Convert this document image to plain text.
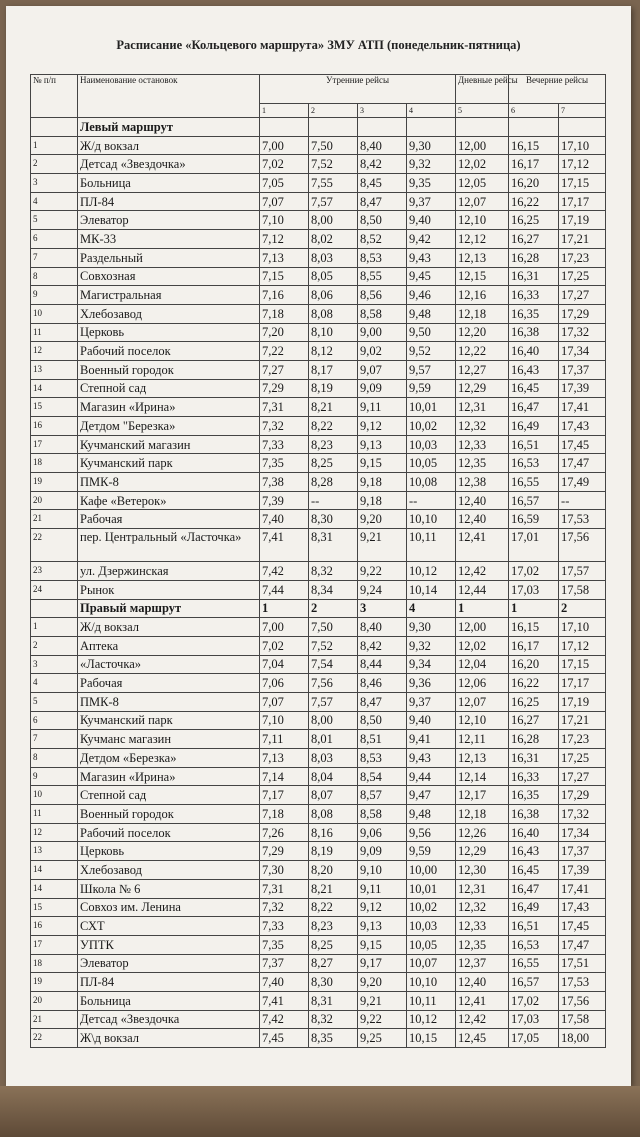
Расписание «Кольцевого маршрута» ЗМУ АТП (понедельник-пятница)
№ п/п	Наименование остановок	Утренние рейсы				Дневные рейсы	Вечерние рейсы	
		1	2	3	4	5	6	7
	Левый маршрут							
1	Ж/д вокзал	7,00	7,50	8,40	9,30	12,00	16,15	17,10
2	Детсад «Звездочка»	7,02	7,52	8,42	9,32	12,02	16,17	17,12
3	Больница	7,05	7,55	8,45	9,35	12,05	16,20	17,15
4	ПЛ-84	7,07	7,57	8,47	9,37	12,07	16,22	17,17
5	Элеватор	7,10	8,00	8,50	9,40	12,10	16,25	17,19
6	МК-33	7,12	8,02	8,52	9,42	12,12	16,27	17,21
7	Раздельный	7,13	8,03	8,53	9,43	12,13	16,28	17,23
8	Совхозная	7,15	8,05	8,55	9,45	12,15	16,31	17,25
9	Магистральная	7,16	8,06	8,56	9,46	12,16	16,33	17,27
10	Хлебозавод	7,18	8,08	8,58	9,48	12,18	16,35	17,29
11	Церковь	7,20	8,10	9,00	9,50	12,20	16,38	17,32
12	Рабочий поселок	7,22	8,12	9,02	9,52	12,22	16,40	17,34
13	Военный городок	7,27	8,17	9,07	9,57	12,27	16,43	17,37
14	Степной сад	7,29	8,19	9,09	9,59	12,29	16,45	17,39
15	Магазин «Ирина»	7,31	8,21	9,11	10,01	12,31	16,47	17,41
16	Детдом "Березка»	7,32	8,22	9,12	10,02	12,32	16,49	17,43
17	Кучманский магазин	7,33	8,23	9,13	10,03	12,33	16,51	17,45
18	Кучманский парк	7,35	8,25	9,15	10,05	12,35	16,53	17,47
19	ПМК-8	7,38	8,28	9,18	10,08	12,38	16,55	17,49
20	Кафе «Ветерок»	7,39	--	9,18	--	12,40	16,57	--
21	Рабочая	7,40	8,30	9,20	10,10	12,40	16,59	17,53
22	пер. Центральный «Ласточка»	7,41	8,31	9,21	10,11	12,41	17,01	17,56
23	ул. Дзержинская	7,42	8,32	9,22	10,12	12,42	17,02	17,57
24	Рынок	7,44	8,34	9,24	10,14	12,44	17,03	17,58
	Правый маршрут	1	2	3	4	1	1	2
1	Ж/д вокзал	7,00	7,50	8,40	9,30	12,00	16,15	17,10
2	Аптека	7,02	7,52	8,42	9,32	12,02	16,17	17,12
3	«Ласточка»	7,04	7,54	8,44	9,34	12,04	16,20	17,15
4	Рабочая	7,06	7,56	8,46	9,36	12,06	16,22	17,17
5	ПМК-8	7,07	7,57	8,47	9,37	12,07	16,25	17,19
6	Кучманский парк	7,10	8,00	8,50	9,40	12,10	16,27	17,21
7	Кучманс магазин	7,11	8,01	8,51	9,41	12,11	16,28	17,23
8	Детдом «Березка»	7,13	8,03	8,53	9,43	12,13	16,31	17,25
9	Магазин «Ирина»	7,14	8,04	8,54	9,44	12,14	16,33	17,27
10	Степной сад	7,17	8,07	8,57	9,47	12,17	16,35	17,29
11	Военный городок	7,18	8,08	8,58	9,48	12,18	16,38	17,32
12	Рабочий поселок	7,26	8,16	9,06	9,56	12,26	16,40	17,34
13	Церковь	7,29	8,19	9,09	9,59	12,29	16,43	17,37
14	Хлебозавод	7,30	8,20	9,10	10,00	12,30	16,45	17,39
14	Школа № 6	7,31	8,21	9,11	10,01	12,31	16,47	17,41
15	Совхоз им. Ленина	7,32	8,22	9,12	10,02	12,32	16,49	17,43
16	СХТ	7,33	8,23	9,13	10,03	12,33	16,51	17,45
17	УПТК	7,35	8,25	9,15	10,05	12,35	16,53	17,47
18	Элеватор	7,37	8,27	9,17	10,07	12,37	16,55	17,51
19	ПЛ-84	7,40	8,30	9,20	10,10	12,40	16,57	17,53
20	Больница	7,41	8,31	9,21	10,11	12,41	17,02	17,56
21	Детсад «Звездочка	7,42	8,32	9,22	10,12	12,42	17,03	17,58
22	Ж\д вокзал	7,45	8,35	9,25	10,15	12,45	17,05	18,00
